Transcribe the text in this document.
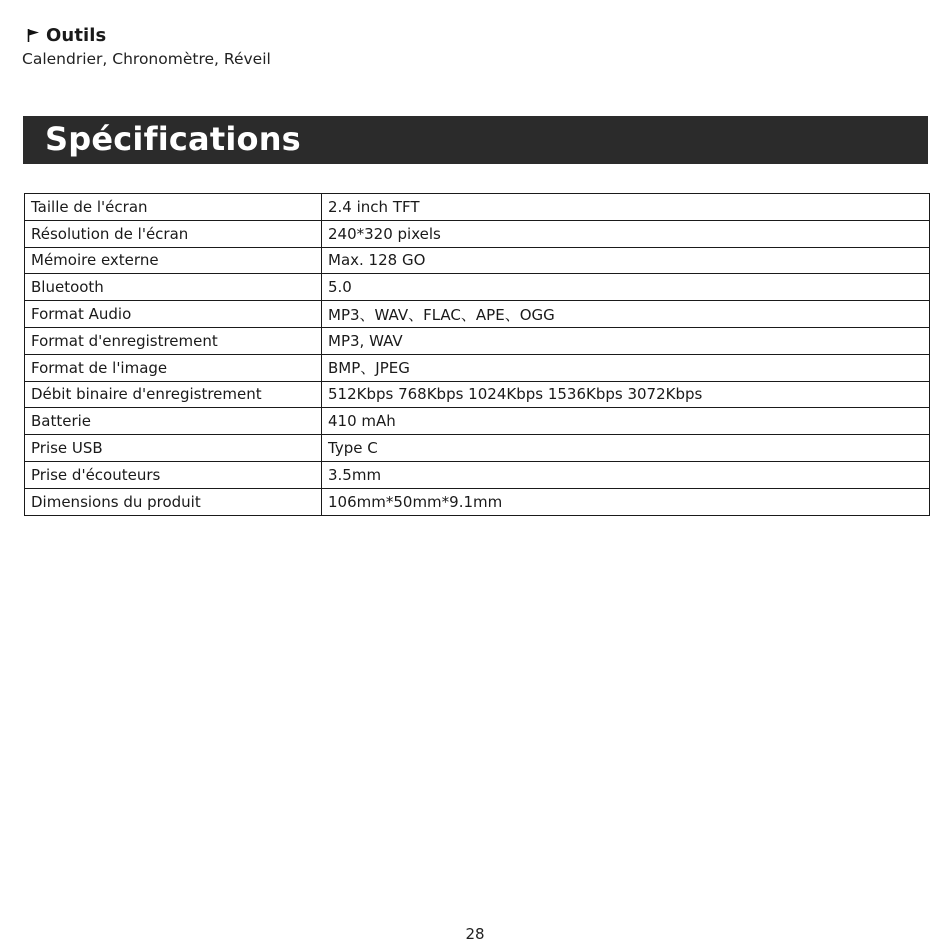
Outils
Calendrier, Chronomètre, Réveil
Spécifications
Taille de l'écran	2.4 inch TFT
Résolution de l'écran	240*320 pixels
Mémoire externe	Max. 128 GO
Bluetooth	5.0
Format Audio	MP3、WAV、FLAC、APE、OGG
Format d'enregistrement	MP3, WAV
Format de l'image	BMP、JPEG
Débit binaire d'enregistrement	512Kbps 768Kbps 1024Kbps 1536Kbps 3072Kbps
Batterie	410 mAh
Prise USB	Type C
Prise d'écouteurs	3.5mm
Dimensions du produit	106mm*50mm*9.1mm
28
